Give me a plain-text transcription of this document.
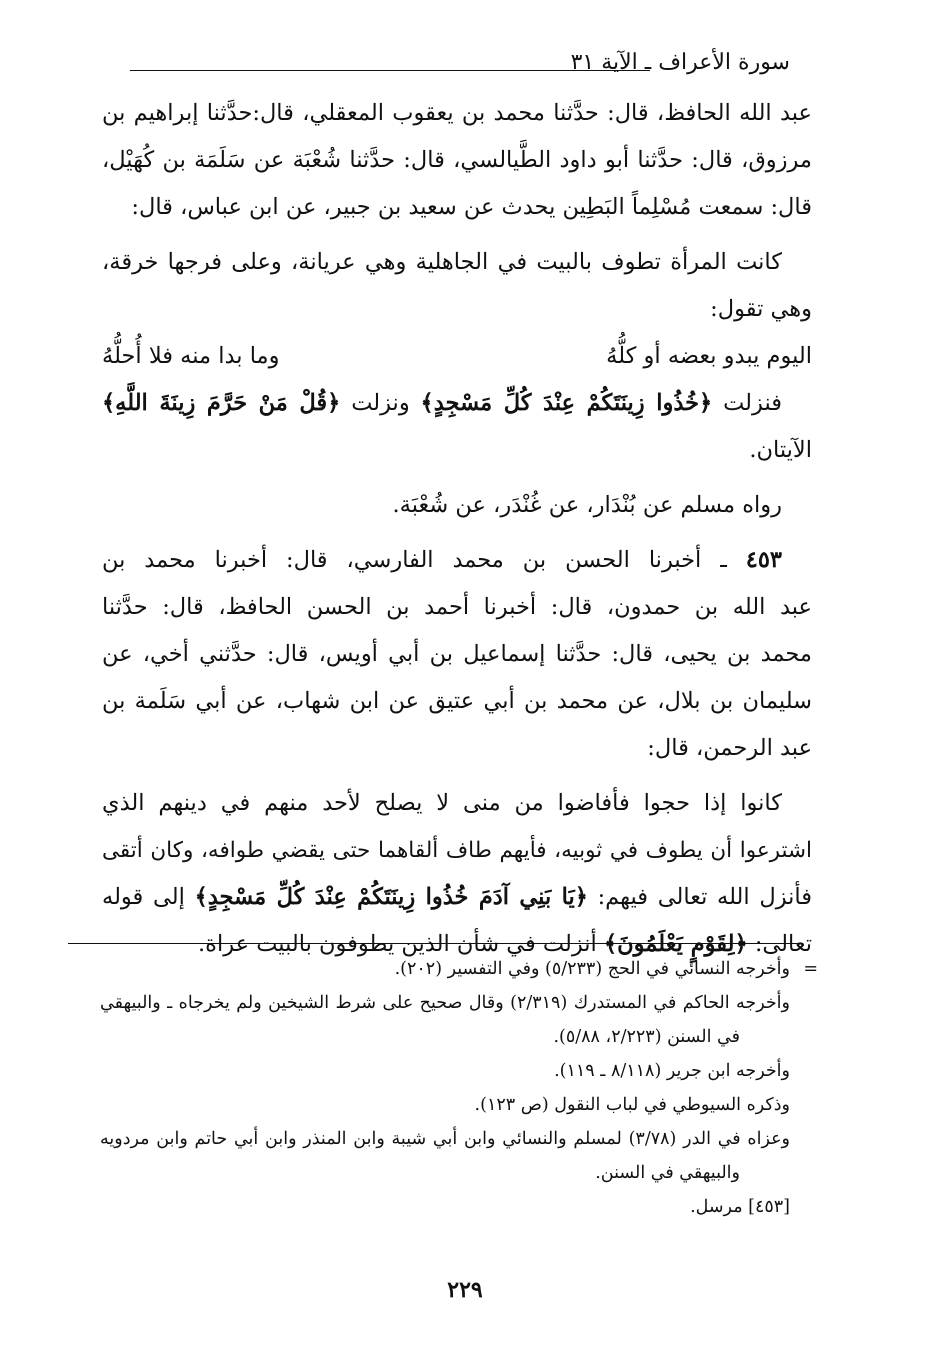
سورة الأعراف ـ الآية ٣١
عبد الله الحافظ، قال: حدَّثنا محمد بن يعقوب المعقلي، قال:حدَّثنا إبراهيم بن
مرزوق، قال: حدَّثنا أبو داود الطَّيالسي، قال: حدَّثنا شُعْبَة عن سَلَمَة بن كُهَيْل،
قال: سمعت مُسْلِماً البَطِين يحدث عن سعيد بن جبير، عن ابن عباس، قال:
كانت المرأة تطوف بالبيت في الجاهلية وهي عريانة، وعلى فرجها خرقة،
وهي تقول:
اليوم يبدو بعضه أو كلُّهُ
وما بدا منه فلا أُحلُّهُ
فنزلت ﴿خُذُوا زِينَتَكُمْ عِنْدَ كُلِّ مَسْجِدٍ﴾ ونزلت ﴿قُلْ مَنْ حَرَّمَ زِينَةَ اللَّهِ﴾
الآيتان.
رواه مسلم عن بُنْدَار، عن غُنْدَر، عن شُعْبَة.
٤٥٣ ـ أخبرنا الحسن بن محمد الفارسي، قال: أخبرنا محمد بن
عبد الله بن حمدون، قال: أخبرنا أحمد بن الحسن الحافظ، قال: حدَّثنا
محمد بن يحيى، قال: حدَّثنا إسماعيل بن أبي أويس، قال: حدَّثني أخي، عن
سليمان بن بلال، عن محمد بن أبي عتيق عن ابن شهاب، عن أبي سَلَمة بن
عبد الرحمن، قال:
كانوا إذا حجوا فأفاضوا من منى لا يصلح لأحد منهم في دينهم الذي
اشترعوا أن يطوف في ثوبيه، فأيهم طاف ألقاهما حتى يقضي طوافه، وكان أتقى
فأنزل الله تعالى فيهم: ﴿يَا بَنِي آدَمَ خُذُوا زِينَتَكُمْ عِنْدَ كُلِّ مَسْجِدٍ﴾ إلى قوله
تعالى: ﴿لِقَوْمٍ يَعْلَمُونَ﴾ أنزلت في شأن الذين يطوفون بالبيت عراة.
=
وأخرجه النسائي في الحج (٥/٢٣٣) وفي التفسير (٢٠٢).
وأخرجه الحاكم في المستدرك (٢/٣١٩) وقال صحيح على شرط الشيخين ولم يخرجاه ـ والبيهقي
في السنن (٢/٢٢٣، ٥/٨٨).
وأخرجه ابن جرير (٨/١١٨ ـ ١١٩).
وذكره السيوطي في لباب النقول (ص ١٢٣).
وعزاه في الدر (٣/٧٨) لمسلم والنسائي وابن أبي شيبة وابن المنذر وابن أبي حاتم وابن مردويه
والبيهقي في السنن.
[٤٥٣] مرسل.
٢٢٩
